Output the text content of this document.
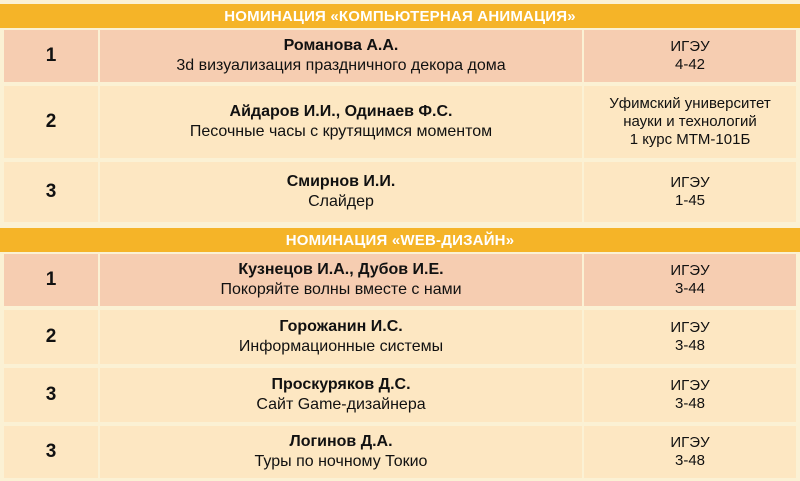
НОМИНАЦИЯ «КОМПЬЮТЕРНАЯ АНИМАЦИЯ»
1	Романова А.А.
3d визуализация праздничного декора дома
ИГЭУ
4-42
2	Айдаров И.И., Одинаев Ф.С.
Песочные часы с крутящимся моментом
Уфимский университет
науки и технологий
1 курс МТМ-101Б
3	Смирнов И.И.
Слайдер
ИГЭУ
1-45
НОМИНАЦИЯ «WEB-ДИЗАЙН»
1	Кузнецов И.А., Дубов И.Е.
Покоряйте волны вместе с нами
ИГЭУ
3-44
2	Горожанин И.С.
Информационные системы
ИГЭУ
3-48
3	Проскуряков Д.С.
Сайт Game-дизайнера
ИГЭУ
3-48
3	Логинов Д.А.
Туры по ночному Токио
ИГЭУ
3-48
